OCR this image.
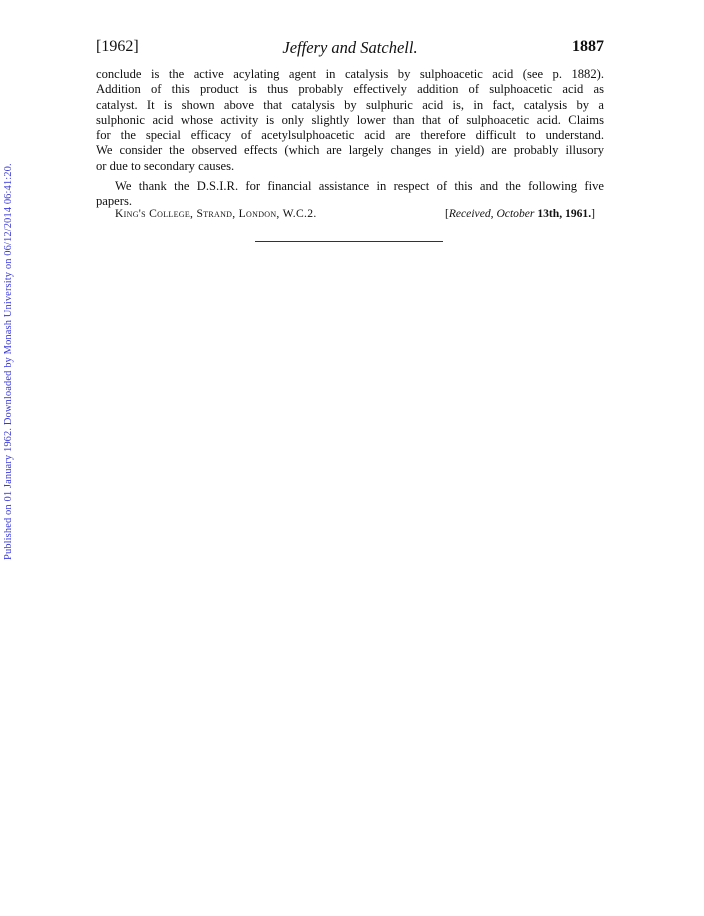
Published on 01 January 1962. Downloaded by Monash University on 06/12/2014 06:41:20.
[1962]	Jeffery and Satchell.	1887

conclude is the active acylating agent in catalysis by sulphoacetic acid (see p. 1882).
Addition of this product is thus probably effectively addition of sulphoacetic acid as
catalyst. It is shown above that catalysis by sulphuric acid is, in fact, catalysis by a
sulphonic acid whose activity is only slightly lower than that of sulphoacetic acid. Claims
for the special efficacy of acetylsulphoacetic acid are therefore difficult to understand.
We consider the observed effects (which are largely changes in yield) are probably illusory
or due to secondary causes.

We thank the D.S.I.R. for financial assistance in respect of this and the following five
papers.

King's College, Strand, London, W.C.2.	[Received, October 13th, 1961.]
